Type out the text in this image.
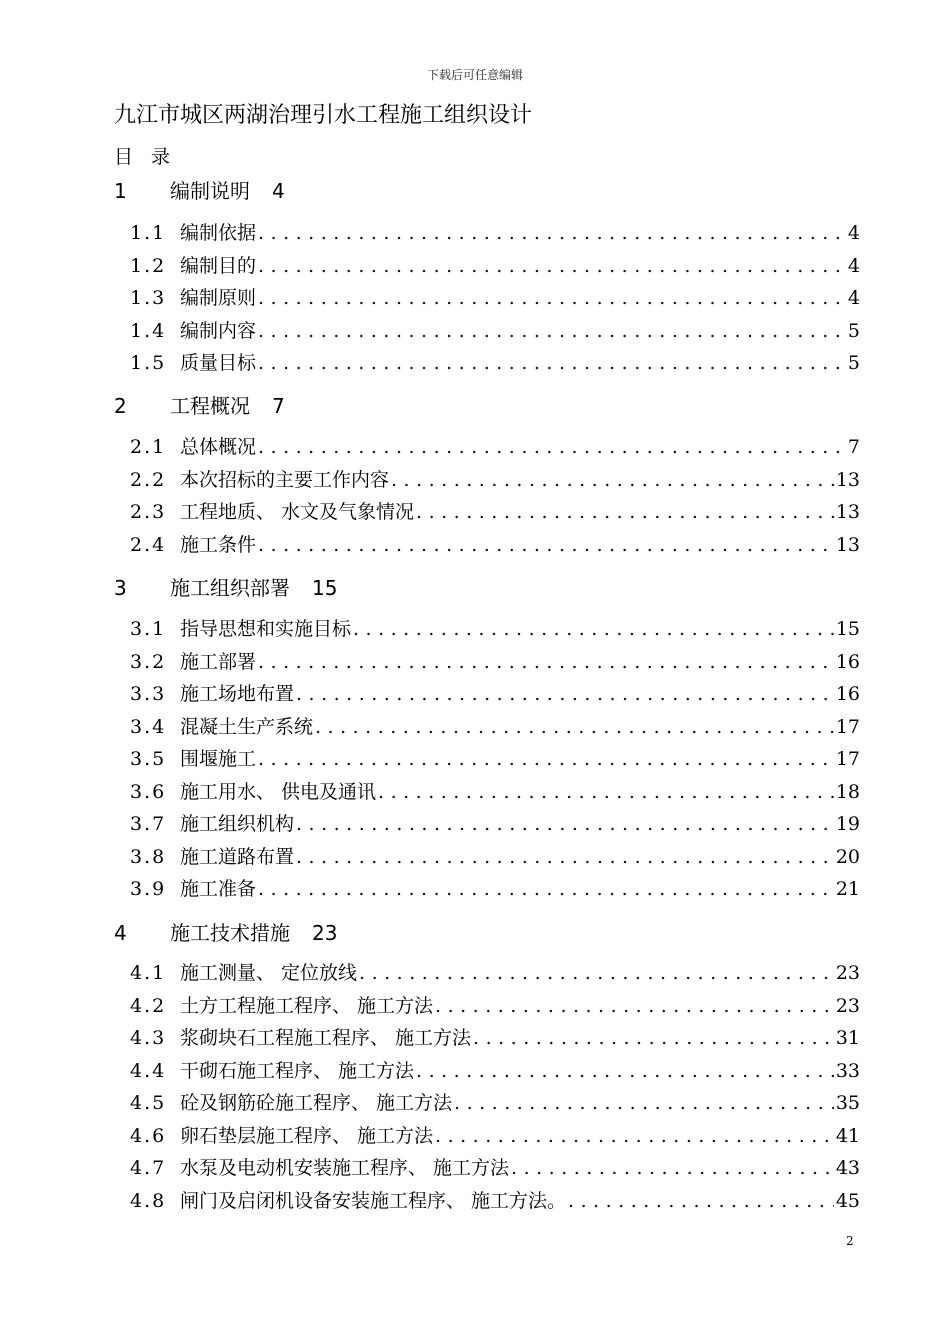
下载后可任意编辑
九江市城区两湖治理引水工程施工组织设计
目 录
1 编制说明 4
1.1 编制依据 .....	4
1.2 编制目的 .....	4
1.3 编制原则 .....	4
1.4 编制内容 .....	5
1.5 质量目标 .....	5
2 工程概况 7
2.1 总体概况 .....	7
2.2 本次招标的主要工作内容 .....	13
2.3 工程地质、 水文及气象情况 .....	13
2.4 施工条件 .....	13
3 施工组织部署 15
3.1 指导思想和实施目标 .....	15
3.2 施工部署 .....	16
3.3 施工场地布置 .....	16
3.4 混凝土生产系统 .....	17
3.5 围堰施工 .....	17
3.6 施工用水、 供电及通讯 .....	18
3.7 施工组织机构 .....	19
3.8 施工道路布置 .....	20
3.9 施工准备 .....	21
4 施工技术措施 23
4.1 施工测量、 定位放线 .....	23
4.2 土方工程施工程序、 施工方法 .....	23
4.3 浆砌块石工程施工程序、 施工方法 .....	31
4.4 干砌石施工程序、 施工方法 .....	33
4.5 砼及钢筋砼施工程序、 施工方法 .....	35
4.6 卵石垫层施工程序、 施工方法 .....	41
4.7 水泵及电动机安装施工程序、 施工方法 .....	43
4.8 闸门及启闭机设备安装施工程序、 施工方法。 .....	45
2
